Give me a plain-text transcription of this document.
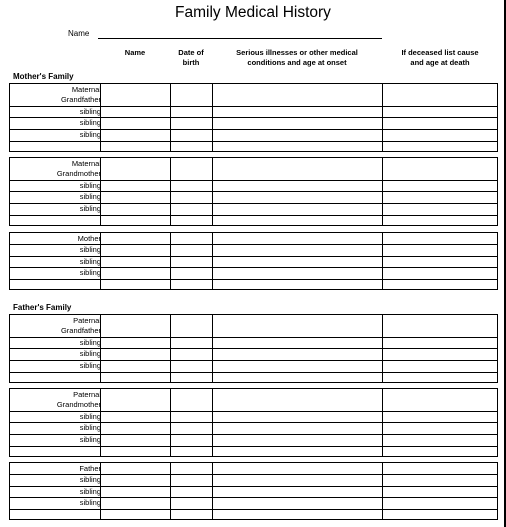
Family Medical History
Name
Name	Date of
birth
Serious illnesses or other medical
conditions and age at onset
If deceased list cause
and age at death
Mother's Family
Father's Family
Maternal
Grandfather
sibling
sibling
sibling
Maternal
Grandmother
sibling
sibling
sibling
Mother
sibling
sibling
sibling
Paternal
Grandfather
sibling
sibling
sibling
Paternal
Grandmother
sibling
sibling
sibling
Father
sibling
sibling
sibling
